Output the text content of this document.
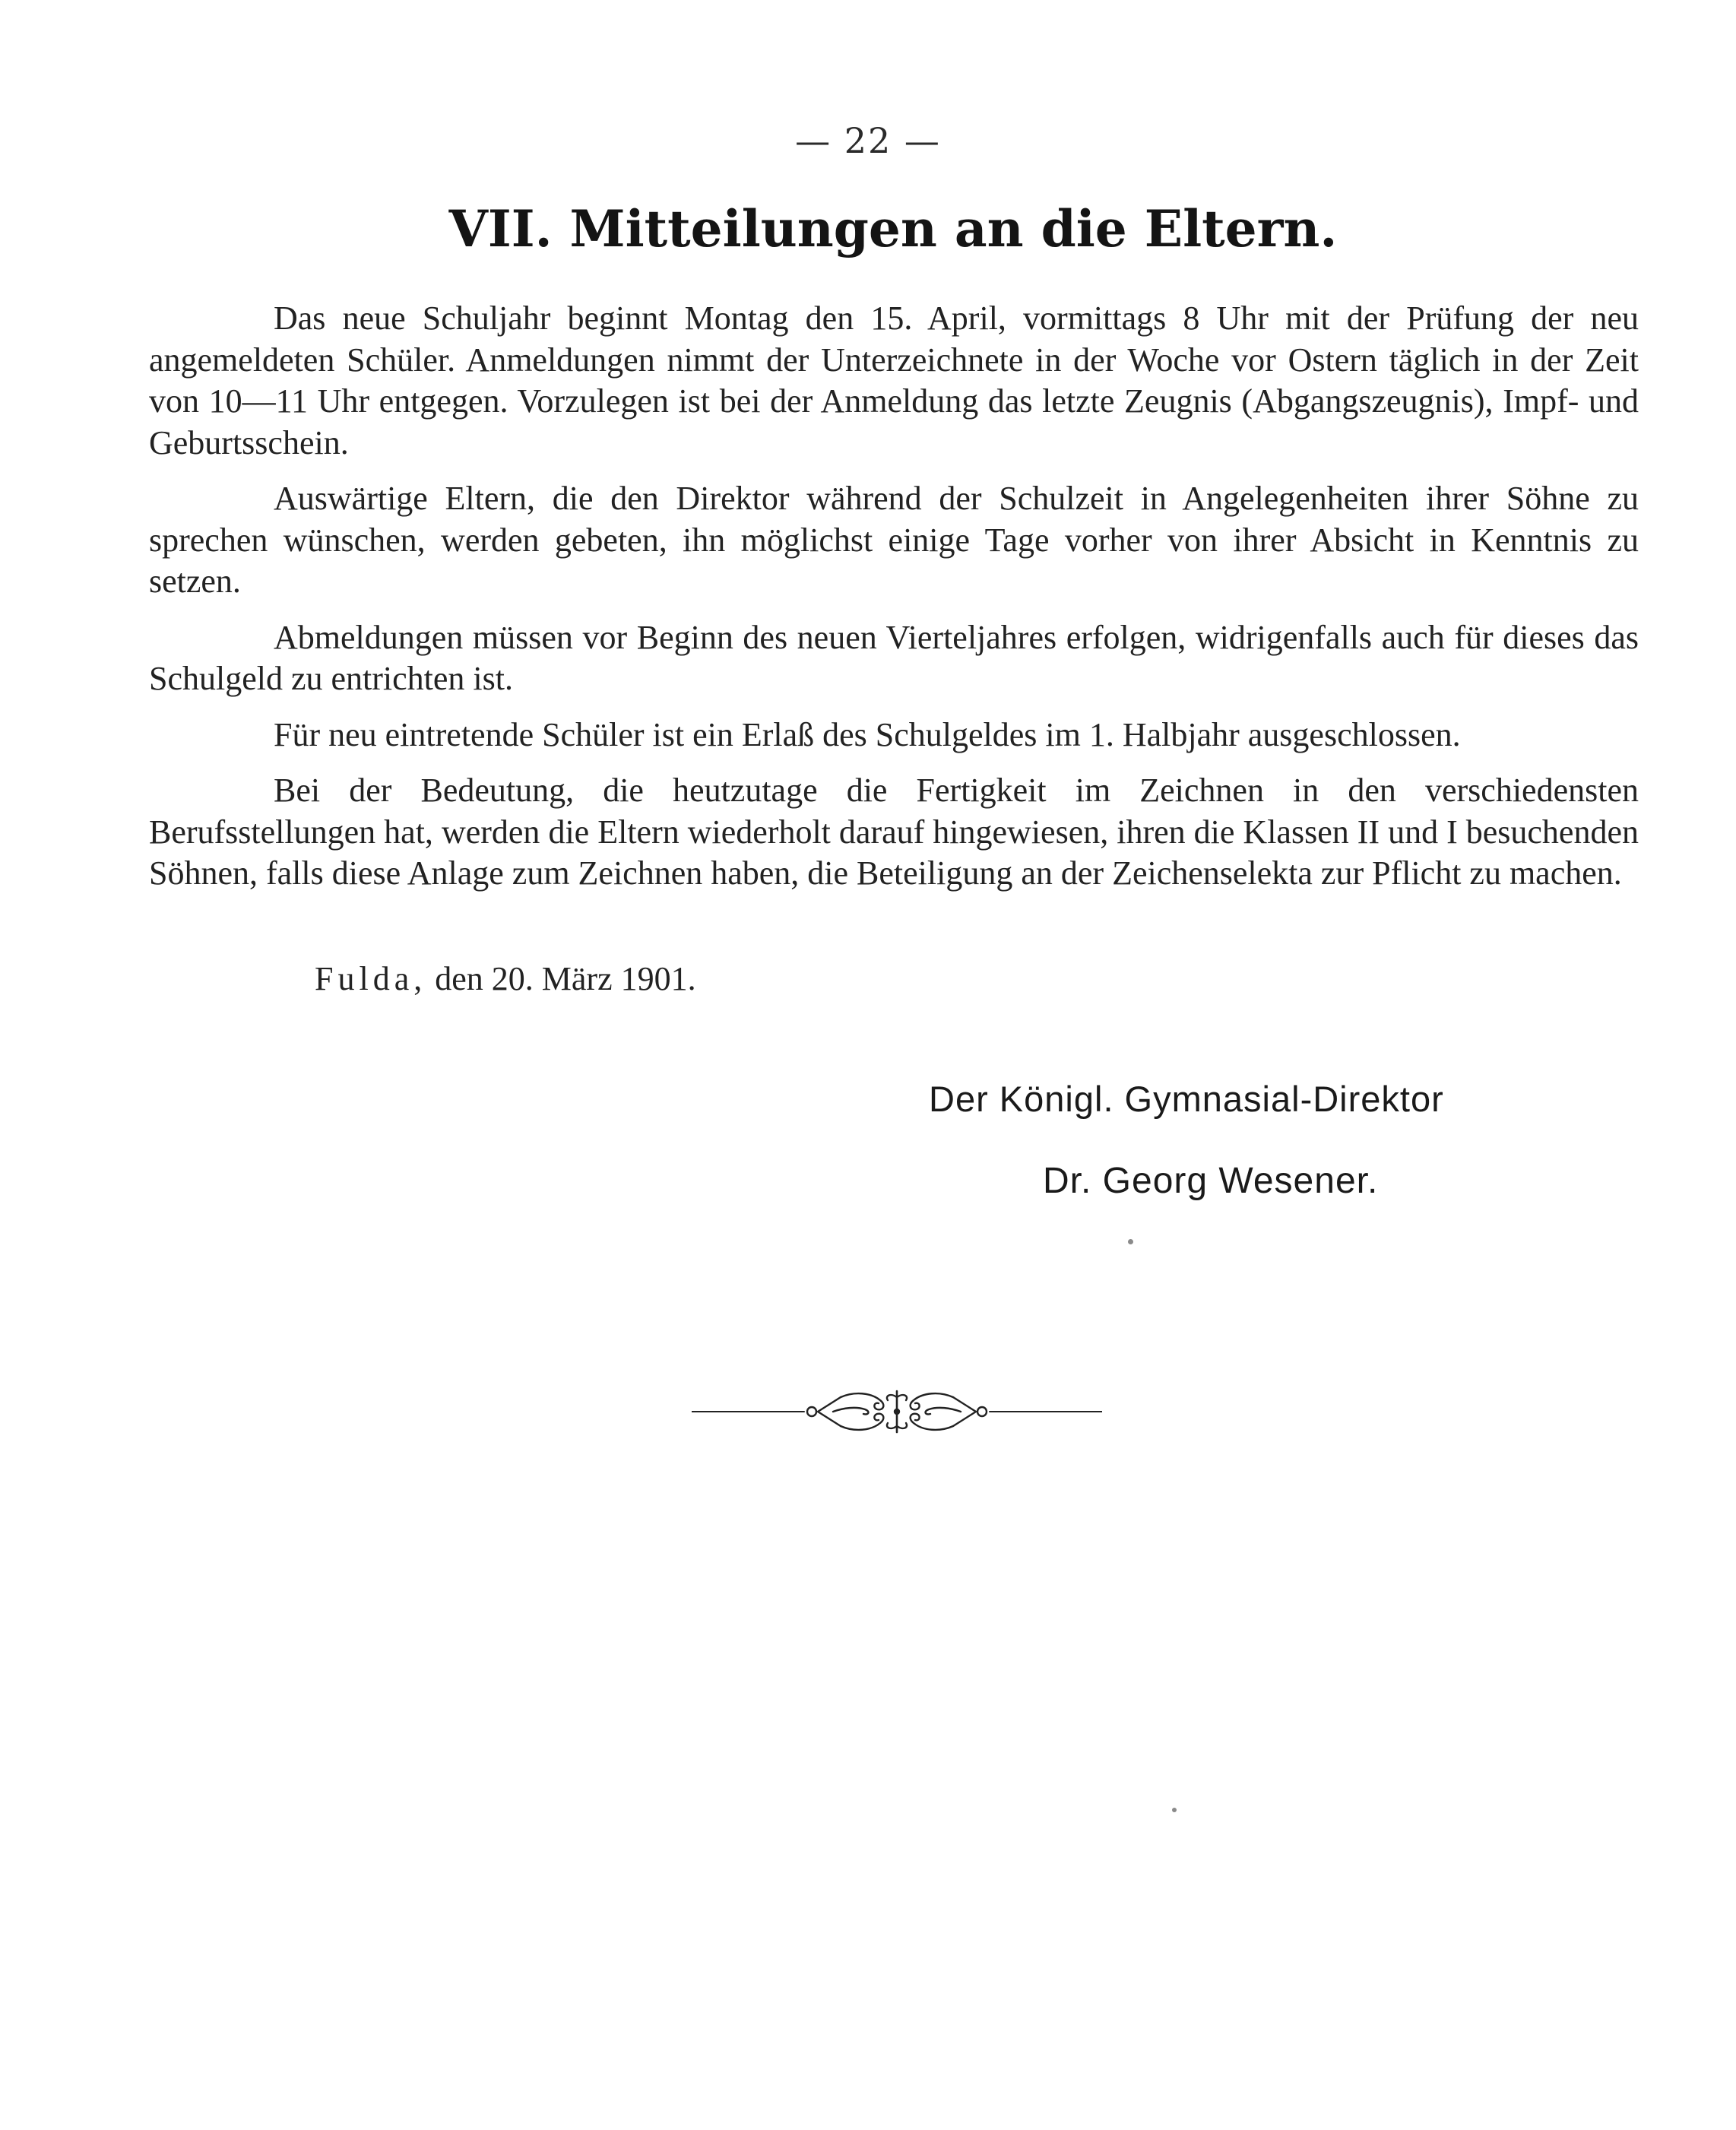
— 22 —
VII. Mitteilungen an die Eltern.

Das neue Schuljahr beginnt Montag den 15. April, vormittags 8 Uhr mit der Prüfung der neu angemeldeten Schüler. Anmeldungen nimmt der Unterzeichnete in der Woche vor Ostern täglich in der Zeit von 10—11 Uhr entgegen. Vorzulegen ist bei der Anmeldung das letzte Zeugnis (Abgangszeugnis), Impf- und Geburtsschein.

Auswärtige Eltern, die den Direktor während der Schulzeit in Angelegenheiten ihrer Söhne zu sprechen wünschen, werden gebeten, ihn möglichst einige Tage vorher von ihrer Absicht in Kenntnis zu setzen.

Abmeldungen müssen vor Beginn des neuen Vierteljahres erfolgen, widrigenfalls auch für dieses das Schulgeld zu entrichten ist.

Für neu eintretende Schüler ist ein Erlaß des Schulgeldes im 1. Halbjahr ausgeschlossen.

Bei der Bedeutung, die heutzutage die Fertigkeit im Zeichnen in den verschiedensten Berufsstellungen hat, werden die Eltern wiederholt darauf hingewiesen, ihren die Klassen II und I besuchenden Söhnen, falls diese Anlage zum Zeichnen haben, die Beteiligung an der Zeichenselekta zur Pflicht zu machen.

Fulda, den 20. März 1901.
Der Königl. Gymnasial-Direktor
Dr. Georg Wesener.
